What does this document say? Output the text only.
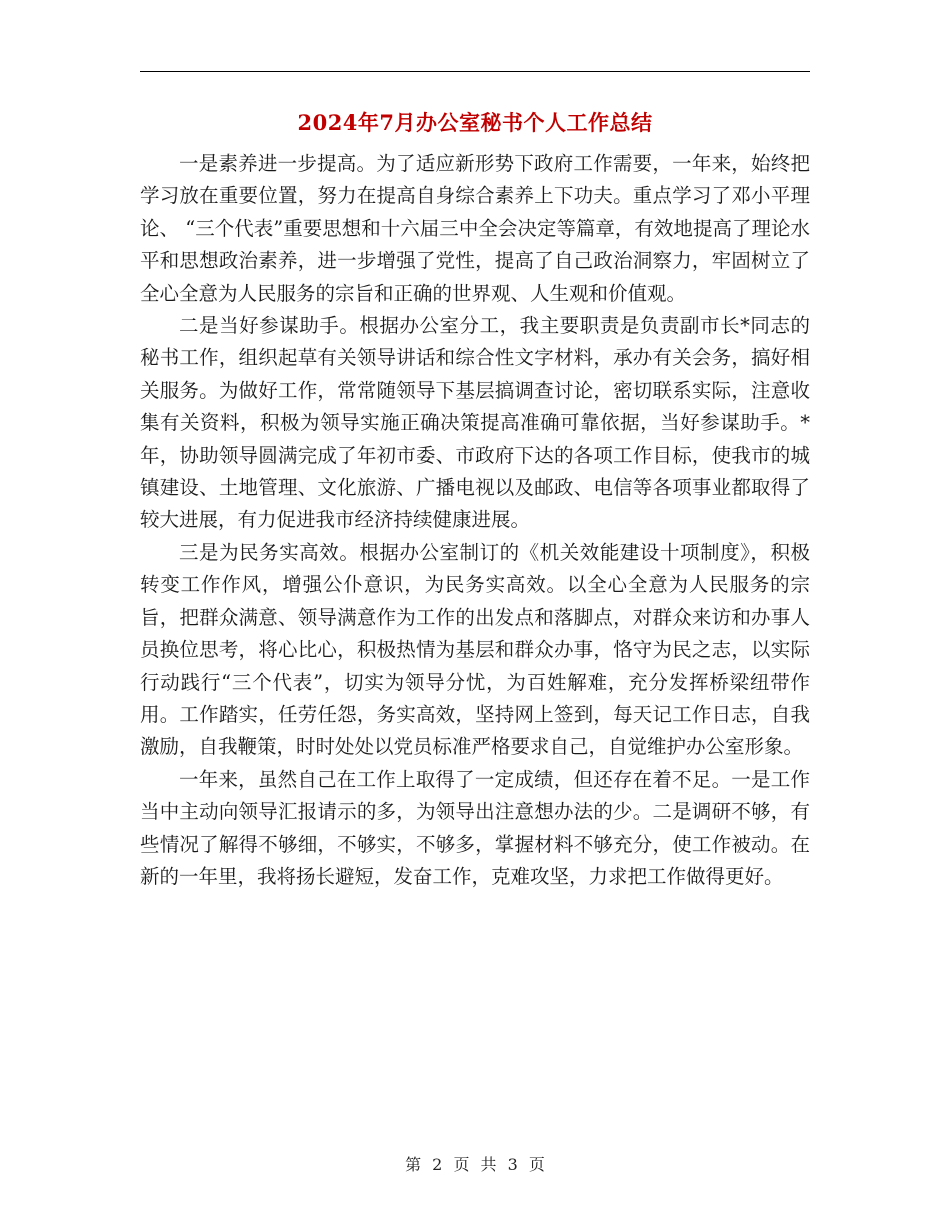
2024年7月办公室秘书个人工作总结

一是素养进一步提高。为了适应新形势下政府工作需要，一年来，始终把学习放在重要位置，努力在提高自身综合素养上下功夫。重点学习了邓小平理论、 “三个代表”重要思想和十六届三中全会决定等篇章，有效地提高了理论水平和思想政治素养，进一步增强了党性，提高了自己政治洞察力，牢固树立了全心全意为人民服务的宗旨和正确的世界观、人生观和价值观。

二是当好参谋助手。根据办公室分工，我主要职责是负责副市长*同志的秘书工作，组织起草有关领导讲话和综合性文字材料，承办有关会务，搞好相关服务。为做好工作，常常随领导下基层搞调查讨论，密切联系实际，注意收集有关资料，积极为领导实施正确决策提高准确可靠依据，当好参谋助手。*年，协助领导圆满完成了年初市委、市政府下达的各项工作目标，使我市的城镇建设、土地管理、文化旅游、广播电视以及邮政、电信等各项事业都取得了较大进展，有力促进我市经济持续健康进展。

三是为民务实高效。根据办公室制订的《机关效能建设十项制度》，积极转变工作作风，增强公仆意识，为民务实高效。以全心全意为人民服务的宗旨，把群众满意、领导满意作为工作的出发点和落脚点，对群众来访和办事人员换位思考，将心比心，积极热情为基层和群众办事，恪守为民之志，以实际行动践行“三个代表”，切实为领导分忧，为百姓解难，充分发挥桥梁纽带作用。工作踏实，任劳任怨，务实高效，坚持网上签到，每天记工作日志，自我激励，自我鞭策，时时处处以党员标准严格要求自己，自觉维护办公室形象。

一年来，虽然自己在工作上取得了一定成绩，但还存在着不足。一是工作当中主动向领导汇报请示的多，为领导出注意想办法的少。二是调研不够，有些情况了解得不够细，不够实，不够多，掌握材料不够充分，使工作被动。在新的一年里，我将扬长避短，发奋工作，克难攻坚，力求把工作做得更好。

第 2 页 共 3 页
